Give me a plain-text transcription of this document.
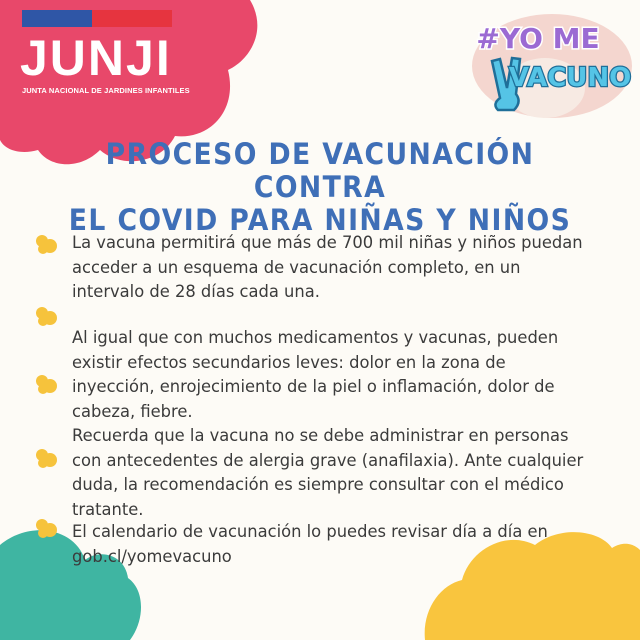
JUNJI
JUNTA NACIONAL DE JARDINES INFANTILES
#YO ME
VACUNO
PROCESO DE VACUNACIÓN CONTRA
EL COVID PARA NIÑAS Y NIÑOS
La vacuna permitirá que más de 700 mil niñas y niños puedan acceder a un esquema de vacunación completo, en un intervalo de 28 días cada una.
Al igual que con muchos medicamentos y vacunas, pueden existir efectos secundarios leves: dolor en la zona de inyección, enrojecimiento de la piel o inflamación, dolor de cabeza, fiebre.
Recuerda que la vacuna no se debe administrar en personas con antecedentes de alergia grave (anafilaxia). Ante cualquier duda, la recomendación es siempre consultar con el médico tratante.
El calendario de vacunación lo puedes revisar día a día en gob.cl/yomevacuno
